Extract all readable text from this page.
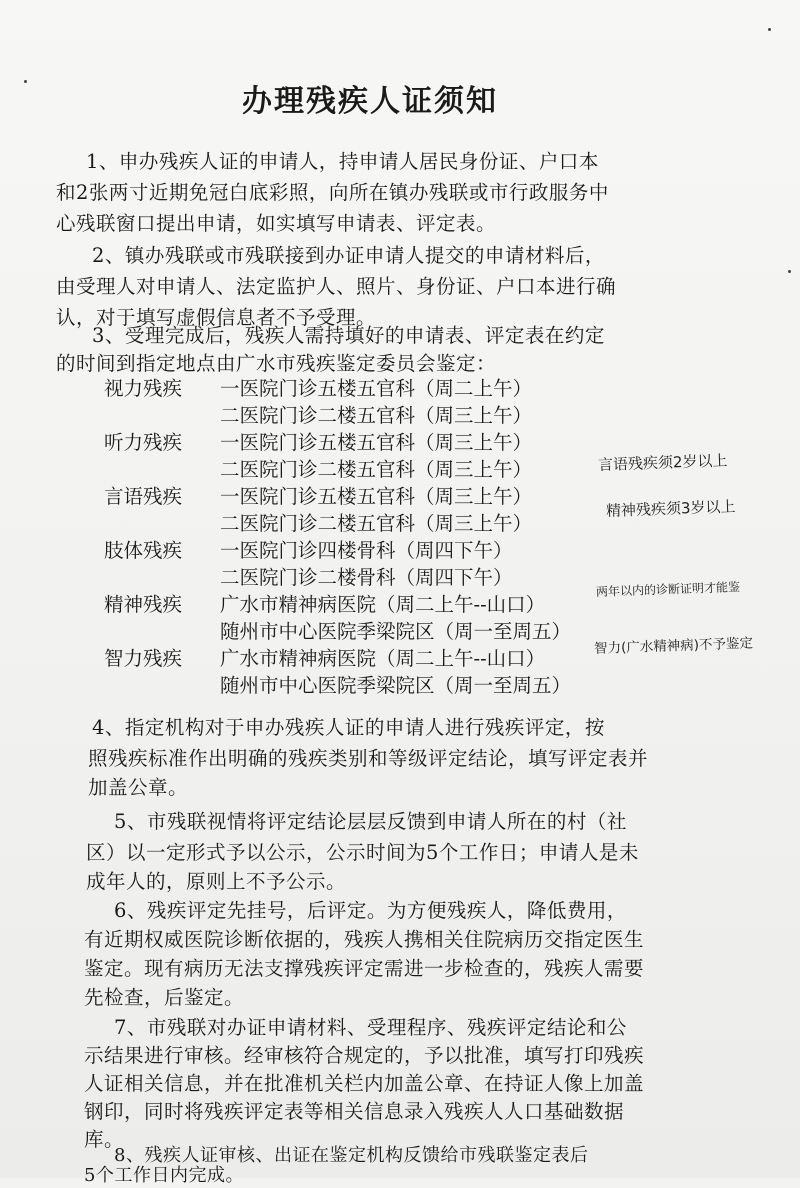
办理残疾人证须知
1、申办残疾人证的申请人，持申请人居民身份证、户口本
和2张两寸近期免冠白底彩照，向所在镇办残联或市行政服务中
心残联窗口提出申请，如实填写申请表、评定表。
2、镇办残联或市残联接到办证申请人提交的申请材料后，
由受理人对申请人、法定监护人、照片、身份证、户口本进行确
认，对于填写虚假信息者不予受理。
3、受理完成后，残疾人需持填好的申请表、评定表在约定
的时间到指定地点由广水市残疾鉴定委员会鉴定：
视力残疾 一医院门诊五楼五官科（周二上午）
二医院门诊二楼五官科（周三上午）
听力残疾 一医院门诊五楼五官科（周三上午）
二医院门诊二楼五官科（周三上午）
言语残疾 一医院门诊五楼五官科（周三上午）
二医院门诊二楼五官科（周三上午）
肢体残疾 一医院门诊四楼骨科（周四下午）
二医院门诊二楼骨科（周四下午）
精神残疾 广水市精神病医院（周二上午--山口）
随州市中心医院季梁院区（周一至周五）
智力残疾 广水市精神病医院（周二上午--山口）
随州市中心医院季梁院区（周一至周五）
言语残疾须2岁以上
精神残疾须3岁以上
两年以内的诊断证明才能鉴
智力(广水精神病)不予鉴定
4、指定机构对于申办残疾人证的申请人进行残疾评定，按
照残疾标准作出明确的残疾类别和等级评定结论，填写评定表并
加盖公章。
5、市残联视情将评定结论层层反馈到申请人所在的村（社
区）以一定形式予以公示，公示时间为5个工作日；申请人是未
成年人的，原则上不予公示。
6、残疾评定先挂号，后评定。为方便残疾人，降低费用，
有近期权威医院诊断依据的，残疾人携相关住院病历交指定医生
鉴定。现有病历无法支撑残疾评定需进一步检查的，残疾人需要
先检查，后鉴定。
7、市残联对办证申请材料、受理程序、残疾评定结论和公
示结果进行审核。经审核符合规定的，予以批准，填写打印残疾
人证相关信息，并在批准机关栏内加盖公章、在持证人像上加盖
钢印，同时将残疾评定表等相关信息录入残疾人人口基础数据
库。
8、残疾人证审核、出证在鉴定机构反馈给市残联鉴定表后
5个工作日内完成。
